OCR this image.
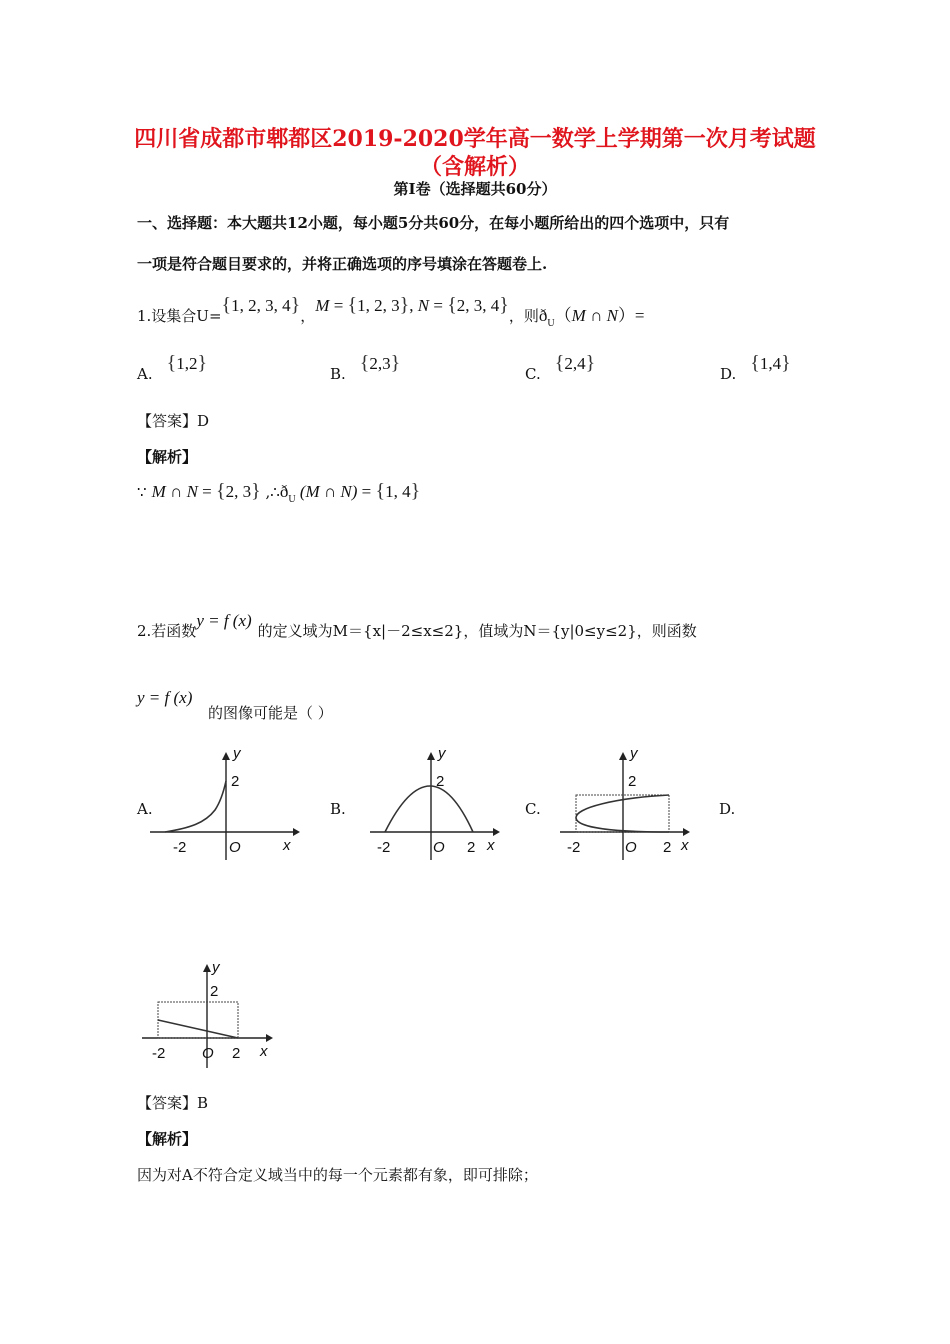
四川省成都市郫都区2019-2020学年高一数学上学期第一次月考试题
（含解析）
第Ⅰ卷（选择题共60分）
一、选择题：本大题共12小题，每小题5分共60分，在每小题所给出的四个选项中，只有
一项是符合题目要求的，并将正确选项的序号填涂在答题卷上.
1.设集合U={1, 2, 3, 4}，M = {1, 2, 3}, N = {2, 3, 4}，则$ð_U(M$ ∩ N）=
A. {1,2}	B. {2,3}	C. {2,4}	D. {1,4}
【答案】D
【解析】
∵ M ∩ N = {2, 3} $,\therefore ð_U$ (M ∩ N) = {1, 4}
2.若函数y = f (x)的定义域为M＝{x|－2≤x≤2}，值域为N＝{y|0≤y≤2}，则函数
y = f (x)
的图像可能是（ ）
A.	B.	C.	D.
y
2
-2	O	x
y
2
-2	O 2 x
y
2
-2	O 2 x
y
2
-2 O 2 x
【答案】B
【解析】
因为对A不符合定义域当中的每一个元素都有象，即可排除；
